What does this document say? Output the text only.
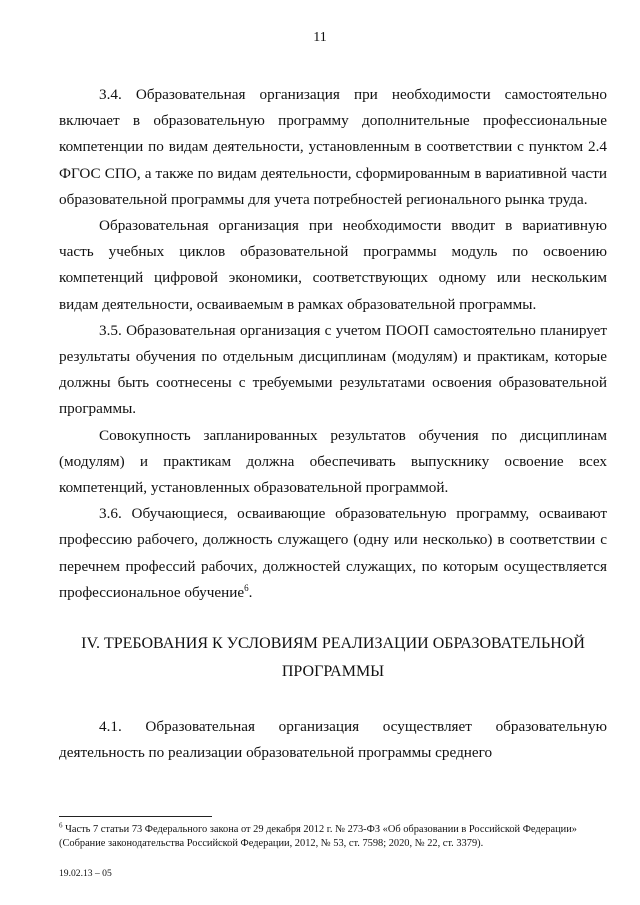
11

3.4. Образовательная организация при необходимости самостоятельно включает в образовательную программу дополнительные профессиональные компетенции по видам деятельности, установленным в соответствии с пунктом 2.4 ФГОС СПО, а также по видам деятельности, сформированным в вариативной части образовательной программы для учета потребностей регионального рынка труда.

Образовательная организация при необходимости вводит в вариативную часть учебных циклов образовательной программы модуль по освоению компетенций цифровой экономики, соответствующих одному или нескольким видам деятельности, осваиваемым в рамках образовательной программы.

3.5. Образовательная организация с учетом ПООП самостоятельно планирует результаты обучения по отдельным дисциплинам (модулям) и практикам, которые должны быть соотнесены с требуемыми результатами освоения образовательной программы.

Совокупность запланированных результатов обучения по дисциплинам (модулям) и практикам должна обеспечивать выпускнику освоение всех компетенций, установленных образовательной программой.

3.6. Обучающиеся, осваивающие образовательную программу, осваивают профессию рабочего, должность служащего (одну или несколько) в соответствии с перечнем профессий рабочих, должностей служащих, по которым осуществляется профессиональное обучение$^6$.

IV. ТРЕБОВАНИЯ К УСЛОВИЯМ РЕАЛИЗАЦИИ ОБРАЗОВАТЕЛЬНОЙ
ПРОГРАММЫ

4.1. Образовательная организация осуществляет образовательную деятельность по реализации образовательной программы среднего

$^6$ Часть 7 статьи 73 Федерального закона от 29 декабря 2012 г. № 273-ФЗ «Об образовании в Российской Федерации» (Собрание законодательства Российской Федерации, 2012, № 53, ст. 7598; 2020, № 22, ст. 3379).

19.02.13 – 05
